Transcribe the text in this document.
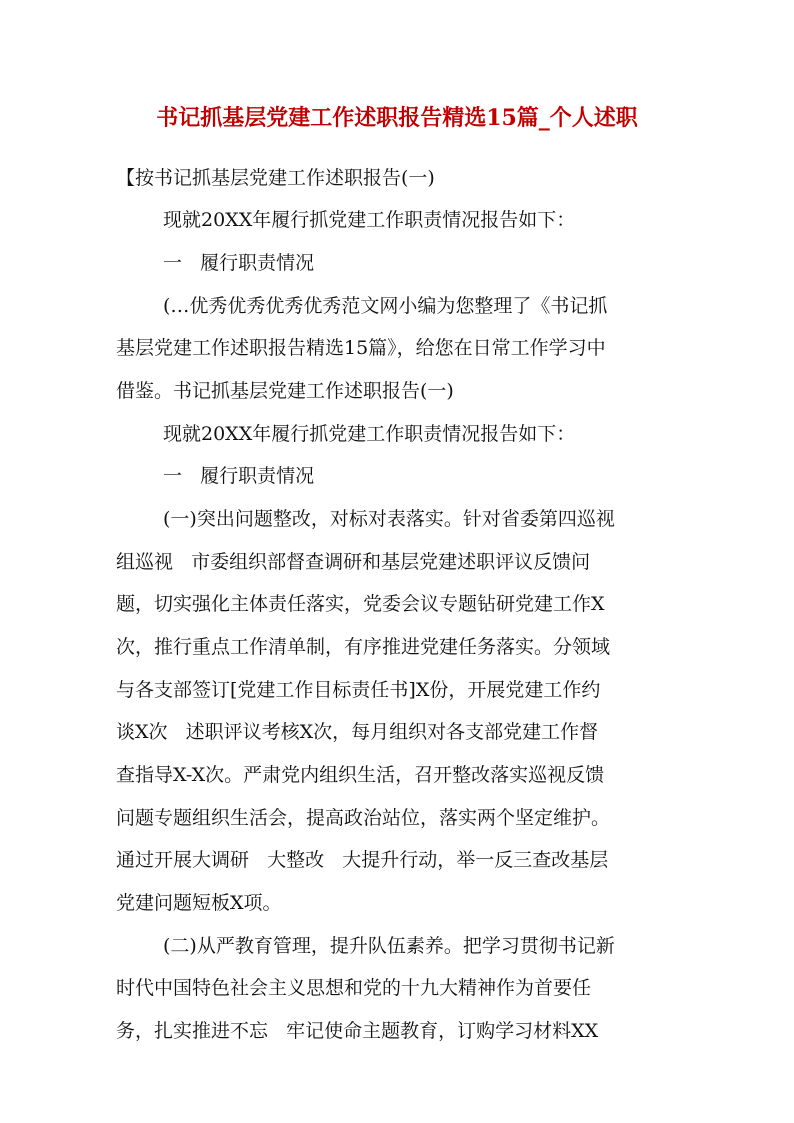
书记抓基层党建工作述职报告精选15篇_个人述职
【按书记抓基层党建工作述职报告(一)
现就20XX年履行抓党建工作职责情况报告如下：
一   履行职责情况
(…优秀优秀优秀优秀范文网小编为您整理了《书记抓
基层党建工作述职报告精选15篇》，给您在日常工作学习中
借鉴。书记抓基层党建工作述职报告(一)
现就20XX年履行抓党建工作职责情况报告如下：
一   履行职责情况
(一)突出问题整改，对标对表落实。针对省委第四巡视
组巡视   市委组织部督查调研和基层党建述职评议反馈问
题，切实强化主体责任落实，党委会议专题钻研党建工作X
次，推行重点工作清单制，有序推进党建任务落实。分领域
与各支部签订[党建工作目标责任书]X份，开展党建工作约
谈X次   述职评议考核X次，每月组织对各支部党建工作督
查指导X-X次。严肃党内组织生活，召开整改落实巡视反馈
问题专题组织生活会，提高政治站位，落实两个坚定维护。
通过开展大调研   大整改   大提升行动，举一反三查改基层
党建问题短板X项。
(二)从严教育管理，提升队伍素养。把学习贯彻书记新
时代中国特色社会主义思想和党的十九大精神作为首要任
务，扎实推进不忘   牢记使命主题教育，订购学习材料XX
